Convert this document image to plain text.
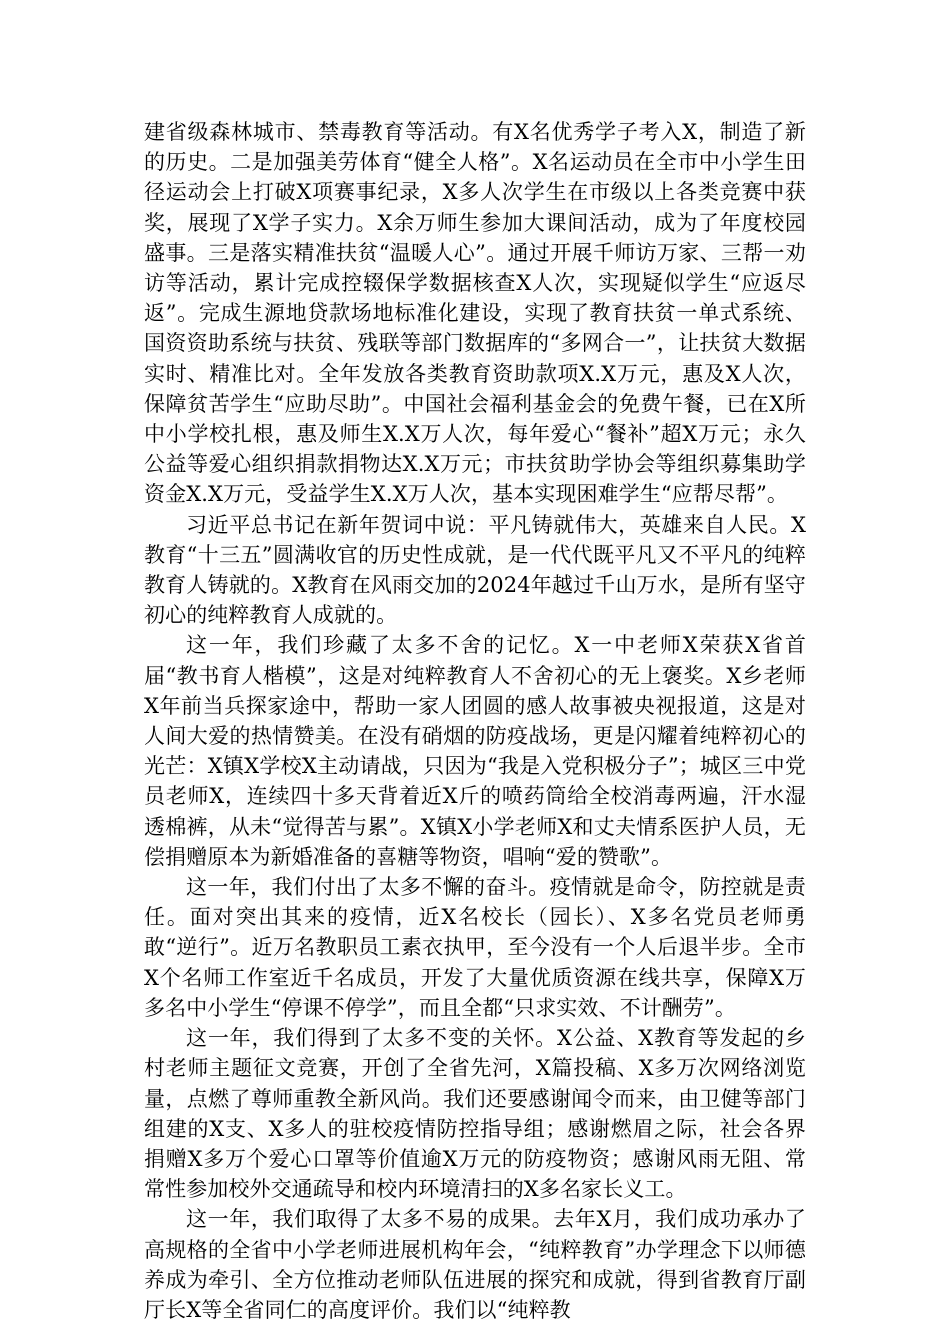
建省级森林城市、禁毒教育等活动。有X名优秀学子考入X，制造了新的历史。二是加强美劳体育“健全人格”。X名运动员在全市中小学生田径运动会上打破X项赛事纪录，X多人次学生在市级以上各类竞赛中获奖，展现了X学子实力。X余万师生参加大课间活动，成为了年度校园盛事。三是落实精准扶贫“温暖人心”。通过开展千师访万家、三帮一劝访等活动，累计完成控辍保学数据核查X人次，实现疑似学生“应返尽返”。完成生源地贷款场地标准化建设，实现了教育扶贫一单式系统、国资资助系统与扶贫、残联等部门数据库的“多网合一”，让扶贫大数据实时、精准比对。全年发放各类教育资助款项X.X万元，惠及X人次，保障贫苦学生“应助尽助”。中国社会福利基金会的免费午餐，已在X所中小学校扎根，惠及师生X.X万人次，每年爱心“餐补”超X万元；永久公益等爱心组织捐款捐物达X.X万元；市扶贫助学协会等组织募集助学资金X.X万元，受益学生X.X万人次，基本实现困难学生“应帮尽帮”。

习近平总书记在新年贺词中说：平凡铸就伟大，英雄来自人民。X教育“十三五”圆满收官的历史性成就，是一代代既平凡又不平凡的纯粹教育人铸就的。X教育在风雨交加的2024年越过千山万水，是所有坚守初心的纯粹教育人成就的。

这一年，我们珍藏了太多不舍的记忆。X一中老师X荣获X省首届“教书育人楷模”，这是对纯粹教育人不舍初心的无上褒奖。X乡老师X年前当兵探家途中，帮助一家人团圆的感人故事被央视报道，这是对人间大爱的热情赞美。在没有硝烟的防疫战场，更是闪耀着纯粹初心的光芒：X镇X学校X主动请战，只因为“我是入党积极分子”；城区三中党员老师X，连续四十多天背着近X斤的喷药筒给全校消毒两遍，汗水湿透棉裤，从未“觉得苦与累”。X镇X小学老师X和丈夫情系医护人员，无偿捐赠原本为新婚准备的喜糖等物资，唱响“爱的赞歌”。

这一年，我们付出了太多不懈的奋斗。疫情就是命令，防控就是责任。面对突出其来的疫情，近X名校长（园长）、X多名党员老师勇敢“逆行”。近万名教职员工素衣执甲，至今没有一个人后退半步。全市X个名师工作室近千名成员，开发了大量优质资源在线共享，保障X万多名中小学生“停课不停学”，而且全都“只求实效、不计酬劳”。

这一年，我们得到了太多不变的关怀。X公益、X教育等发起的乡村老师主题征文竞赛，开创了全省先河，X篇投稿、X多万次网络浏览量，点燃了尊师重教全新风尚。我们还要感谢闻令而来，由卫健等部门组建的X支、X多人的驻校疫情防控指导组；感谢燃眉之际，社会各界捐赠X多万个爱心口罩等价值逾X万元的防疫物资；感谢风雨无阻、常常性参加校外交通疏导和校内环境清扫的X多名家长义工。

这一年，我们取得了太多不易的成果。去年X月，我们成功承办了高规格的全省中小学老师进展机构年会，“纯粹教育”办学理念下以师德养成为牵引、全方位推动老师队伍进展的探究和成就，得到省教育厅副厅长X等全省同仁的高度评价。我们以“纯粹教
